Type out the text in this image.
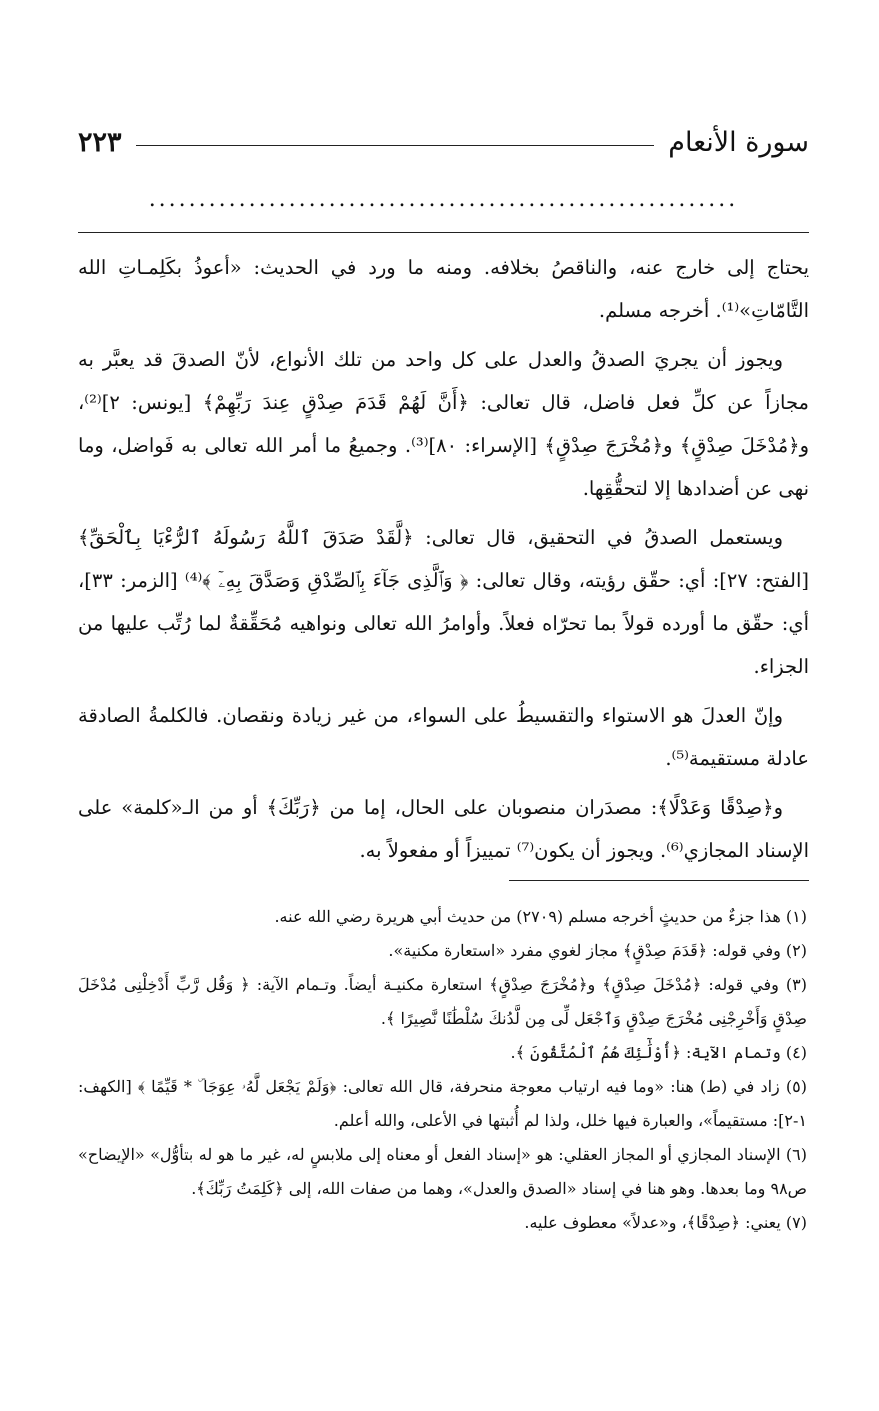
سورة الأنعام
٢٢٣
...........................................................

يحتاج إلى خارج عنه، والناقصُ بخلافه. ومنه ما ورد في الحديث: «أعوذُ بكَلِمـاتِ الله التَّامّاتِ»⁽¹⁾. أخرجه مسلم.

ويجوز أن يجريَ الصدقُ والعدل على كل واحد من تلك الأنواع، لأنّ الصدقَ قد يعبَّر به مجازاً عن كلِّ فعل فاضل، قال تعالى: ﴿أَنَّ لَهُمْ قَدَمَ صِدْقٍ عِندَ رَبِّهِمْ﴾ [يونس: ٢]⁽²⁾، و﴿مُدْخَلَ صِدْقٍ﴾ و﴿مُخْرَجَ صِدْقٍ﴾ [الإسراء: ٨٠]⁽³⁾. وجميعُ ما أمر الله تعالى به فَواضل، وما نهى عن أضدادها إلا لتحقُّقِها.

ويستعمل الصدقُ في التحقيق، قال تعالى: ﴿لَّقَدْ صَدَقَ ٱللَّهُ رَسُولَهُ ٱلرُّءْيَا بِٱلْحَقِّ﴾ [الفتح: ٢٧]: أي: حقّق رؤيته، وقال تعالى: ﴿ وَٱلَّذِى جَآءَ بِٱلصِّدْقِ وَصَدَّقَ بِهِۦٓ ﴾⁽⁴⁾ [الزمر: ٣٣]، أي: حقّق ما أورده قولاً بما تحرّاه فعلاً. وأوامرُ الله تعالى ونواهيه مُحَقِّقةٌ لما رُتِّب عليها من الجزاء.

وإنّ العدلَ هو الاستواء والتقسيطُ على السواء، من غير زيادة ونقصان. فالكلمةُ الصادقة عادلة مستقيمة⁽⁵⁾.

و﴿صِدْقًا وَعَدْلًا﴾: مصدَران منصوبان على الحال، إما من ﴿رَبِّكَ﴾ أو من الـ«كلمة» على الإسناد المجازي⁽⁶⁾. ويجوز أن يكون⁽⁷⁾ تمييزاً أو مفعولاً به.

(١) هذا جزءٌ من حديثٍ أخرجه مسلم (٢٧٠٩) من حديث أبي هريرة رضي الله عنه.

(٢) وفي قوله: ﴿قَدَمَ صِدْقٍ﴾ مجاز لغوي مفرد «استعارة مكنية».

(٣) وفي قوله: ﴿مُدْخَلَ صِدْقٍ﴾ و﴿مُخْرَجَ صِدْقٍ﴾ استعارة مكنيـة أيضاً. وتـمام الآية: ﴿ وَقُل رَّبِّ أَدْخِلْنِى مُدْخَلَ صِدْقٍ وَأَخْرِجْنِى مُخْرَجَ صِدْقٍ وَٱجْعَل لِّى مِن لَّدُنكَ سُلْطَٰنًا نَّصِيرًا ﴾.

(٤) وتمام الآية: ﴿أُوْلَٰٓئِكَ هُمُ ٱلْمُتَّقُونَ ﴾.

(٥) زاد في (ط) هنا: «وما فيه ارتياب معوجة منحرفة، قال الله تعالى: ﴿وَلَمْ يَجْعَل لَّهُۥ عِوَجَا ۜ * قَيِّمًا ﴾ [الكهف: ١-٢]: مستقيماً»، والعبارة فيها خلل، ولذا لم أُثبتها في الأعلى، والله أعلم.

(٦) الإسناد المجازي أو المجاز العقلي: هو «إسناد الفعل أو معناه إلى ملابسٍ له، غير ما هو له بتأوُّل» «الإيضاح» ص٩٨ وما بعدها. وهو هنا في إسناد «الصدق والعدل»، وهما من صفات الله، إلى ﴿كَلِمَتُ رَبِّكَ﴾.

(٧) يعني: ﴿صِدْقًا﴾، و«عدلاً» معطوف عليه.
